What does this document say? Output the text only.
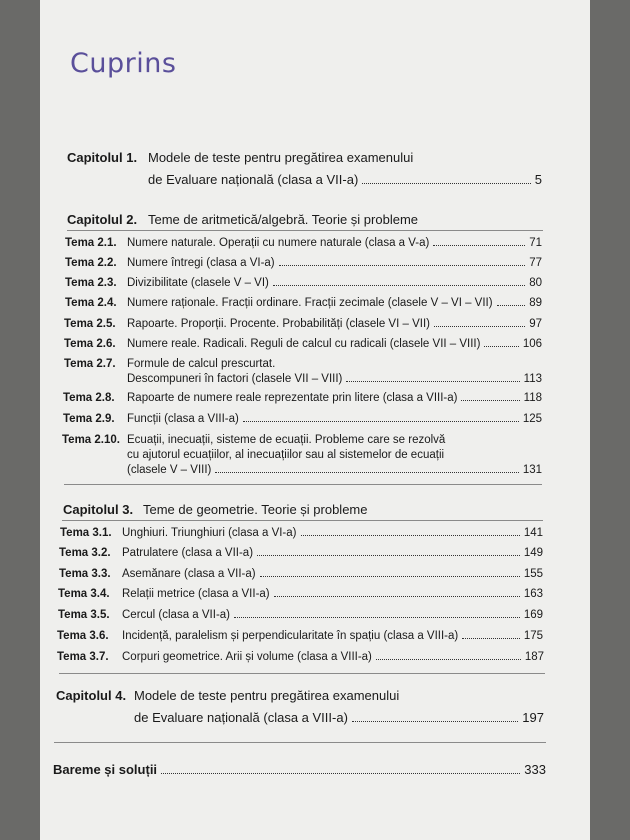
Cuprins
Capitolul 1. Modele de teste pentru pregătirea examenului
de Evaluare națională (clasa a VII-a)	5
Capitolul 2. Teme de aritmetică/algebră. Teorie și probleme
Tema 2.1. Numere naturale. Operații cu numere naturale (clasa a V-a)	71
Tema 2.2. Numere întregi (clasa a VI-a)	77
Tema 2.3. Divizibilitate (clasele V – VI)	80
Tema 2.4. Numere raționale. Fracții ordinare. Fracții zecimale (clasele V – VI – VII)	89
Tema 2.5. Rapoarte. Proporții. Procente. Probabilități (clasele VI – VII)	97
Tema 2.6. Numere reale. Radicali. Reguli de calcul cu radicali (clasele VII – VIII)	106
Tema 2.7. Formule de calcul prescurtat.
Descompuneri în factori (clasele VII – VIII)	113
Tema 2.8.	Rapoarte de numere reale reprezentate prin litere (clasa a VIII-a)	118
Tema 2.9.	Funcții (clasa a VIII-a)	125
Tema 2.10. Ecuații, inecuații, sisteme de ecuații. Probleme care se rezolvă
cu ajutorul ecuațiilor, al inecuațiilor sau al sistemelor de ecuații
(clasele V – VIII)	131
Capitolul 3. Teme de geometrie. Teorie și probleme
Tema 3.1. Unghiuri. Triunghiuri (clasa a VI-a)	141
Tema 3.2. Patrulatere (clasa a VII-a)	149
Tema 3.3. Asemănare (clasa a VII-a)	155
Tema 3.4.	Relații metrice (clasa a VII-a)	163
Tema 3.5.	Cercul (clasa a VII-a)	169
Tema 3.6.	Incidență, paralelism și perpendicularitate în spațiu (clasa a VIII-a)	175
Tema 3.7.	Corpuri geometrice. Arii și volume (clasa a VIII-a)	187
Capitolul 4. Modele de teste pentru pregătirea examenului
de Evaluare națională (clasa a VIII-a)	197
Bareme și soluții	333
